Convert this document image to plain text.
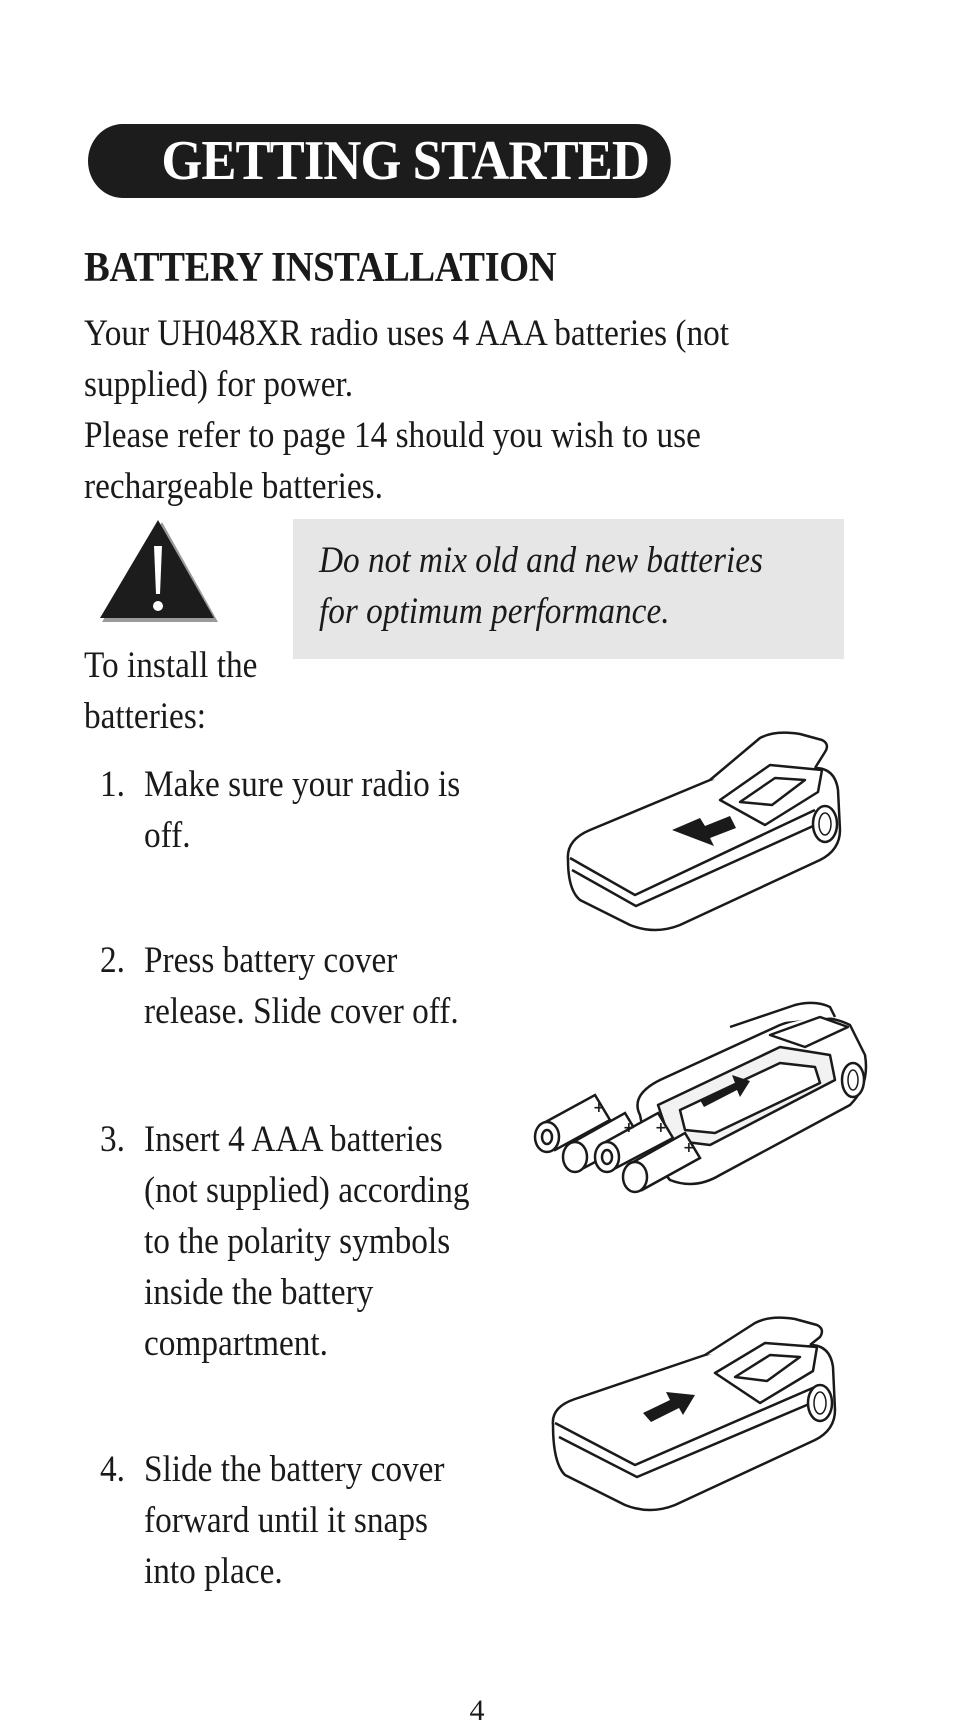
GETTING STARTED
BATTERY INSTALLATION

Your UH048XR radio uses 4 AAA batteries (not

supplied) for power.

Please refer to page 14 should you wish to use

rechargeable batteries.

Do not mix old and new batteries
for optimum performance.
To install the batteries:
1. Make sure your radio is off.
2. Press battery cover release. Slide cover off.
3. Insert 4 AAA batteries (not supplied) according to the polarity symbols inside the battery compartment.
4. Slide the battery cover forward until it snaps into place.
+
+ +
+
4
